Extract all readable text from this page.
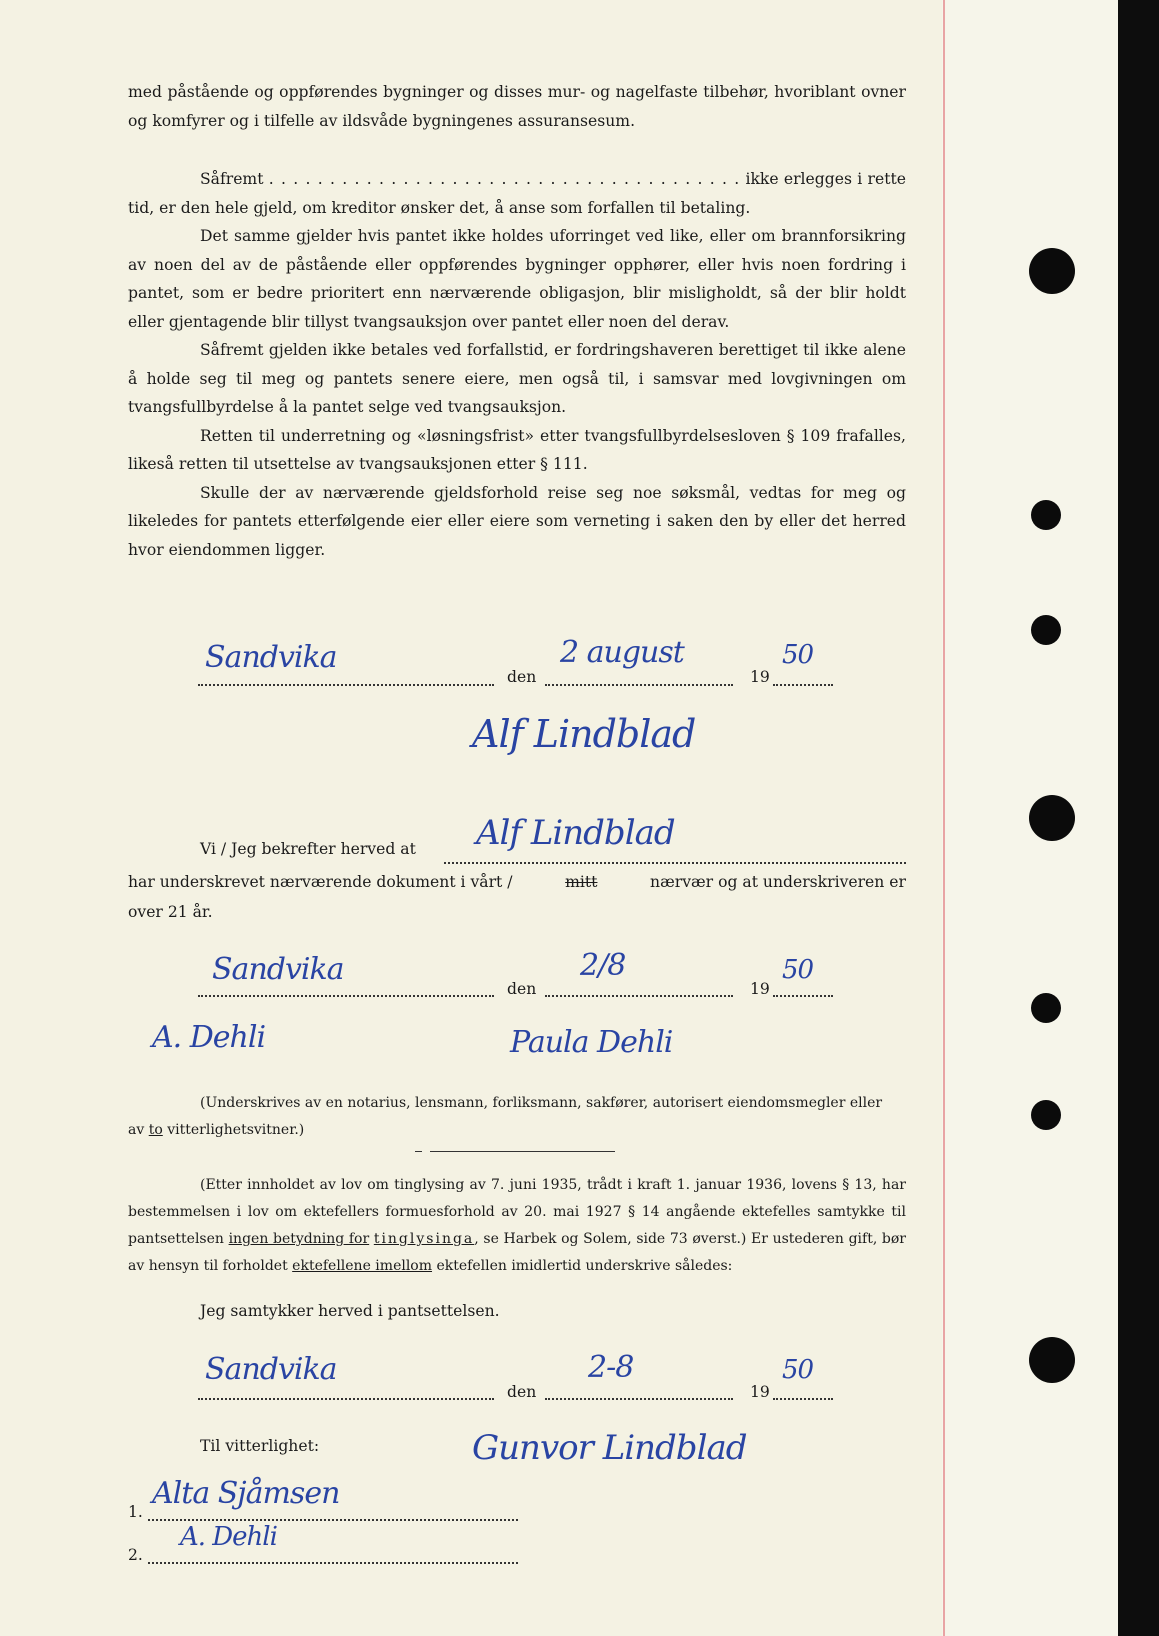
med påstående og oppførendes bygninger og disses mur- og nagelfaste tilbehør, hvoriblant ovner og komfyrer og i tilfelle av ildsvåde bygningenes assuransesum.

Såfremt . . . . . . . . . . . . . . . . . . . . . . . . . . . . . . . . . . . . . . . ikke erlegges i rette tid, er den hele gjeld, om kreditor ønsker det, å anse som forfallen til betaling.
Det samme gjelder hvis pantet ikke holdes uforringet ved like, eller om brannforsikring av noen del av de påstående eller oppførendes bygninger opphører, eller hvis noen fordring i pantet, som er bedre prioritert enn nærværende obligasjon, blir misligholdt, så der blir holdt eller gjentagende blir tillyst tvangsauksjon over pantet eller noen del derav.
Såfremt gjelden ikke betales ved forfallstid, er fordringshaveren berettiget til ikke alene å holde seg til meg og pantets senere eiere, men også til, i samsvar med lovgivningen om tvangsfullbyrdelse å la pantet selge ved tvangsauksjon.
Retten til underretning og «løsningsfrist» etter tvangsfullbyrdelsesloven § 109 frafalles, likeså retten til utsettelse av tvangsauksjonen etter § 111.
Skulle der av nærværende gjeldsforhold reise seg noe søksmål, vedtas for meg og likeledes for pantets etterfølgende eier eller eiere som verneting i saken den by eller det herred hvor eiendommen ligger.

Sandvika
den
2 august
19
50
Alf Lindblad
Vi / Jeg bekrefter herved at Alf Lindblad
har underskrevet nærværende dokument i vårt /	mitt	nærvær og at underskriveren er
over 21 år.
Sandvika
den
2/8
19
50
A. Dehli	Paula Dehli

(Underskrives av en notarius, lensmann, forliksmann, sakfører, autorisert eiendomsmegler eller
av to vitterlighetsvitner.)

(Etter innholdet av lov om tinglysing av 7. juni 1935, trådt i kraft 1. januar 1936, lovens § 13, har bestemmelsen i lov om ektefellers formuesforhold av 20. mai 1927 § 14 angående ektefelles samtykke til pantsettelsen ingen betydning for tinglysinga, se Harbek og Solem, side 73 øverst.) Er ustederen gift, bør av hensyn til forholdet ektefellene imellom ektefellen imidlertid underskrive således:

Jeg samtykker herved i pantsettelsen.
Sandvika
den
2-8
19
50
Til vitterlighet:	Gunvor Lindblad
1.
Alta Sjåmsen
2.
A. Dehli
